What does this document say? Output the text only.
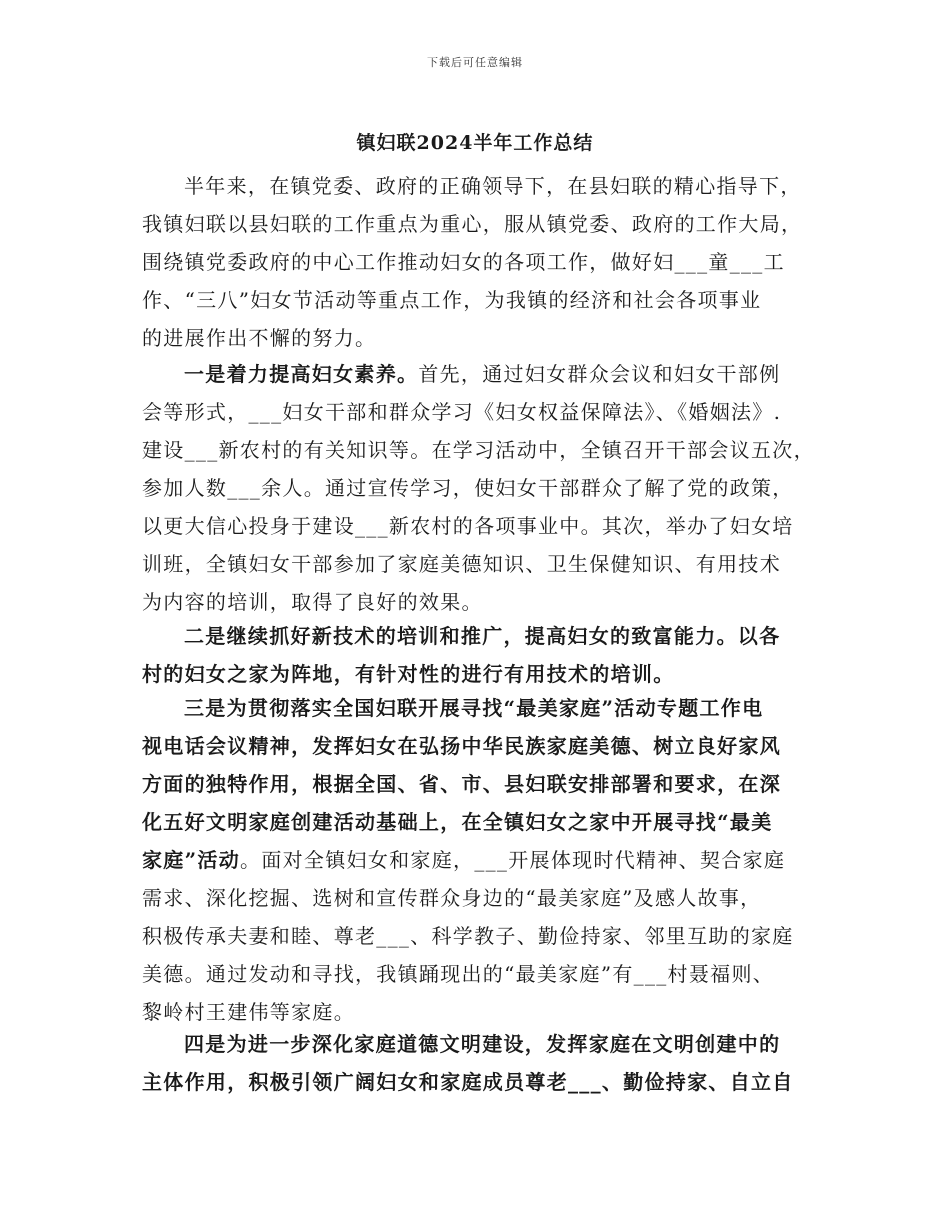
下载后可任意编辑
镇妇联2024半年工作总结
半年来，在镇党委、政府的正确领导下，在县妇联的精心指导下，
我镇妇联以县妇联的工作重点为重心，服从镇党委、政府的工作大局，
围绕镇党委政府的中心工作推动妇女的各项工作，做好妇___童___工
作、“三八”妇女节活动等重点工作，为我镇的经济和社会各项事业
的进展作出不懈的努力。
一是着力提高妇女素养。首先，通过妇女群众会议和妇女干部例
会等形式，___妇女干部和群众学习《妇女权益保障法》、《婚姻法》.
建设___新农村的有关知识等。在学习活动中，全镇召开干部会议五次，
参加人数___余人。通过宣传学习，使妇女干部群众了解了党的政策，
以更大信心投身于建设___新农村的各项事业中。其次，举办了妇女培
训班，全镇妇女干部参加了家庭美德知识、卫生保健知识、有用技术
为内容的培训，取得了良好的效果。
二是继续抓好新技术的培训和推广，提高妇女的致富能力。以各
村的妇女之家为阵地，有针对性的进行有用技术的培训。
三是为贯彻落实全国妇联开展寻找“最美家庭”活动专题工作电
视电话会议精神，发挥妇女在弘扬中华民族家庭美德、树立良好家风
方面的独特作用，根据全国、省、市、县妇联安排部署和要求，在深
化五好文明家庭创建活动基础上，在全镇妇女之家中开展寻找“最美
家庭”活动。面对全镇妇女和家庭，___开展体现时代精神、契合家庭
需求、深化挖掘、选树和宣传群众身边的“最美家庭”及感人故事，
积极传承夫妻和睦、尊老___、科学教子、勤俭持家、邻里互助的家庭
美德。通过发动和寻找，我镇踊现出的“最美家庭”有___村聂福则、
黎岭村王建伟等家庭。
四是为进一步深化家庭道德文明建设，发挥家庭在文明创建中的
主体作用，积极引领广阔妇女和家庭成员尊老___、勤俭持家、自立自
